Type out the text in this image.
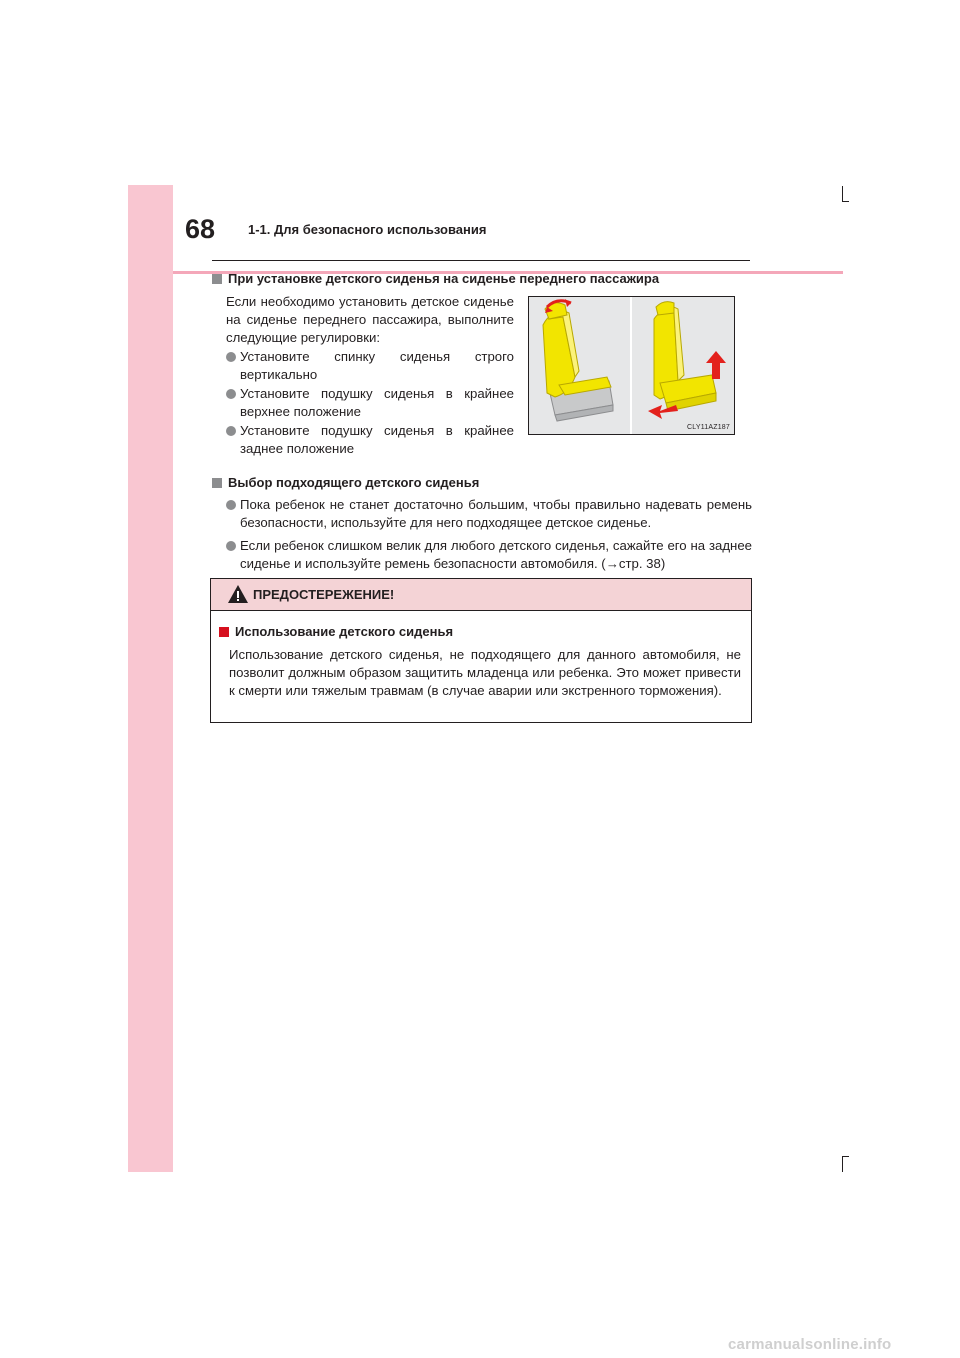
68	1-1. Для безопасного использования
При установке детского сиденья на сиденье переднего пассажира
Если необходимо установить детское сиденье на сиденье переднего пассажира, выполните следующие регулировки:
Установите спинку сиденья строго вертикально
Установите подушку сиденья в крайнее верхнее положение
Установите подушку сиденья в крайнее заднее положение
CLY11AZ187
Выбор подходящего детского сиденья
Пока ребенок не станет достаточно большим, чтобы правильно надевать ремень безопасности, используйте для него подходящее детское сиденье.
Если ребенок слишком велик для любого детского сиденья, сажайте его на заднее сиденье и используйте ремень безопасности автомобиля. (→стр. 38)
ПРЕДОСТЕРЕЖЕНИЕ!
Использование детского сиденья
Использование детского сиденья, не подходящего для данного автомобиля, не позволит должным образом защитить младенца или ребенка. Это может привести к смерти или тяжелым травмам (в случае аварии или экстренного торможения).
carmanualsonline.info
